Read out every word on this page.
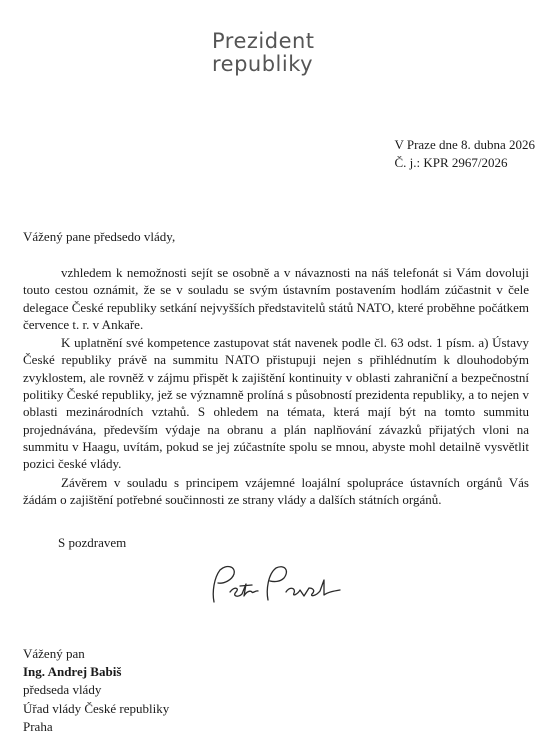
Prezident
republiky
V Praze dne 8. dubna 2026
Č. j.: KPR 2967/2026
Vážený pane předsedo vlády,

vzhledem k nemožnosti sejít se osobně a v návaznosti na náš telefonát si Vám dovoluji touto cestou oznámit, že se v souladu se svým ústavním postavením hodlám zúčastnit v čele delegace České republiky setkání nejvyšších představitelů států NATO, které proběhne počátkem července t. r. v Ankaře.

K uplatnění své kompetence zastupovat stát navenek podle čl. 63 odst. 1 písm. a) Ústavy České republiky právě na summitu NATO přistupuji nejen s přihlédnutím k dlouhodobým zvyklostem, ale rovněž v zájmu přispět k zajištění kontinuity v oblasti zahraniční a bezpečnostní politiky České republiky, jež se významně prolíná s působností prezidenta republiky, a to nejen v oblasti mezinárodních vztahů. S ohledem na témata, která mají být na tomto summitu projednávána, především výdaje na obranu a plán naplňování závazků přijatých vloni na summitu v Haagu, uvítám, pokud se jej zúčastníte spolu se mnou, abyste mohl detailně vysvětlit pozici české vlády.

Závěrem v souladu s principem vzájemné loajální spolupráce ústavních orgánů Vás žádám o zajištění potřebné součinnosti ze strany vlády a dalších státních orgánů.

S pozdravem
Vážený pan
Ing. Andrej Babiš
předseda vlády
Úřad vlády České republiky
Praha
